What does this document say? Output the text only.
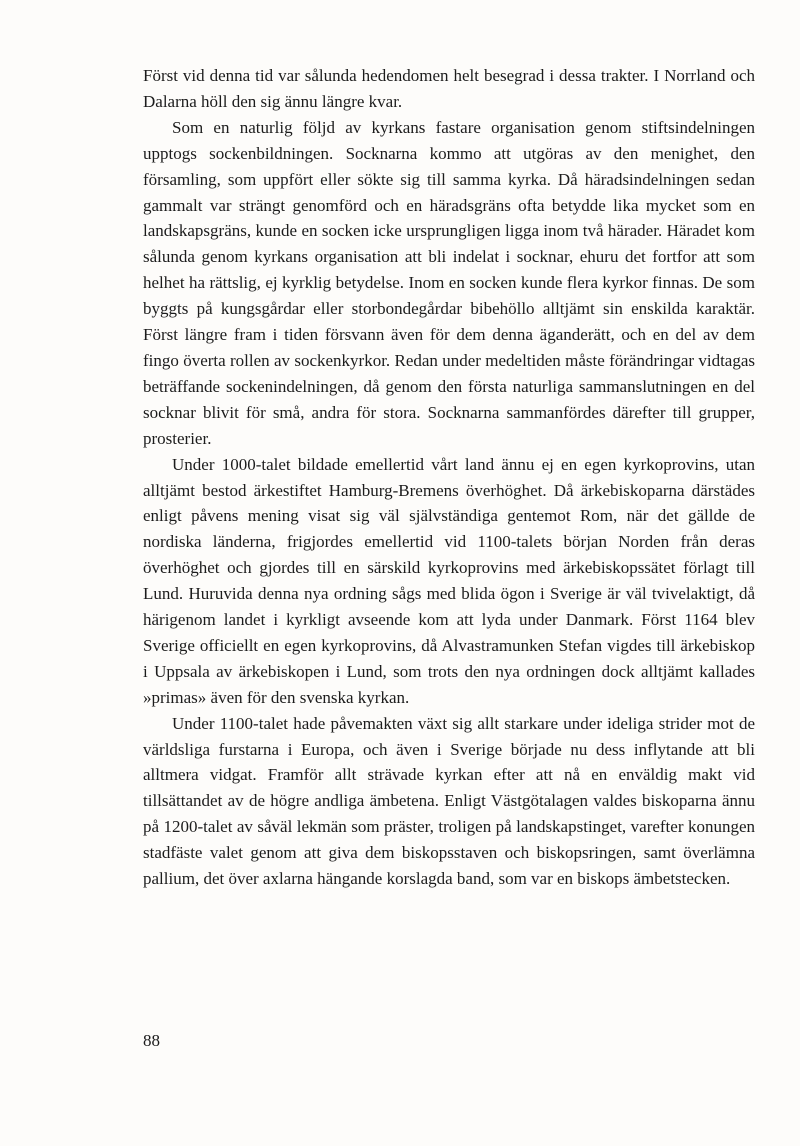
Först vid denna tid var sålunda hedendomen helt besegrad i dessa trakter. I Norrland och Dalarna höll den sig ännu längre kvar.

Som en naturlig följd av kyrkans fastare organisation genom stiftsindelningen upptogs sockenbildningen. Socknarna kommo att utgöras av den menighet, den församling, som uppfört eller sökte sig till samma kyrka. Då häradsindelningen sedan gammalt var strängt genomförd och en häradsgräns ofta betydde lika mycket som en landskapsgräns, kunde en socken icke ursprungligen ligga inom två härader. Häradet kom sålunda genom kyrkans organisation att bli indelat i socknar, ehuru det fortfor att som helhet ha rättslig, ej kyrklig betydelse. Inom en socken kunde flera kyrkor finnas. De som byggts på kungsgårdar eller storbondegårdar bibehöllo alltjämt sin enskilda karaktär. Först längre fram i tiden försvann även för dem denna äganderätt, och en del av dem fingo överta rollen av sockenkyrkor. Redan under medeltiden måste förändringar vidtagas beträffande sockenindelningen, då genom den första naturliga sammanslutningen en del socknar blivit för små, andra för stora. Socknarna sammanfördes därefter till grupper, prosterier.

Under 1000-talet bildade emellertid vårt land ännu ej en egen kyrkoprovins, utan alltjämt bestod ärkestiftet Hamburg-Bremens överhöghet. Då ärkebiskoparna därstädes enligt påvens mening visat sig väl självständiga gentemot Rom, när det gällde de nordiska länderna, frigjordes emellertid vid 1100-talets början Norden från deras överhöghet och gjordes till en särskild kyrkoprovins med ärkebiskopssätet förlagt till Lund. Huruvida denna nya ordning sågs med blida ögon i Sverige är väl tvivelaktigt, då härigenom landet i kyrkligt avseende kom att lyda under Danmark. Först 1164 blev Sverige officiellt en egen kyrkoprovins, då Alvastramunken Stefan vigdes till ärkebiskop i Uppsala av ärkebiskopen i Lund, som trots den nya ordningen dock alltjämt kallades »primas» även för den svenska kyrkan.

Under 1100-talet hade påvemakten växt sig allt starkare under ideliga strider mot de världsliga furstarna i Europa, och även i Sverige började nu dess inflytande att bli alltmera vidgat. Framför allt strävade kyrkan efter att nå en enväldig makt vid tillsättandet av de högre andliga ämbetena. Enligt Västgötalagen valdes biskoparna ännu på 1200-talet av såväl lekmän som präster, troligen på landskapstinget, varefter konungen stadfäste valet genom att giva dem biskopsstaven och biskopsringen, samt överlämna pallium, det över axlarna hängande korslagda band, som var en biskops ämbetstecken.

88
